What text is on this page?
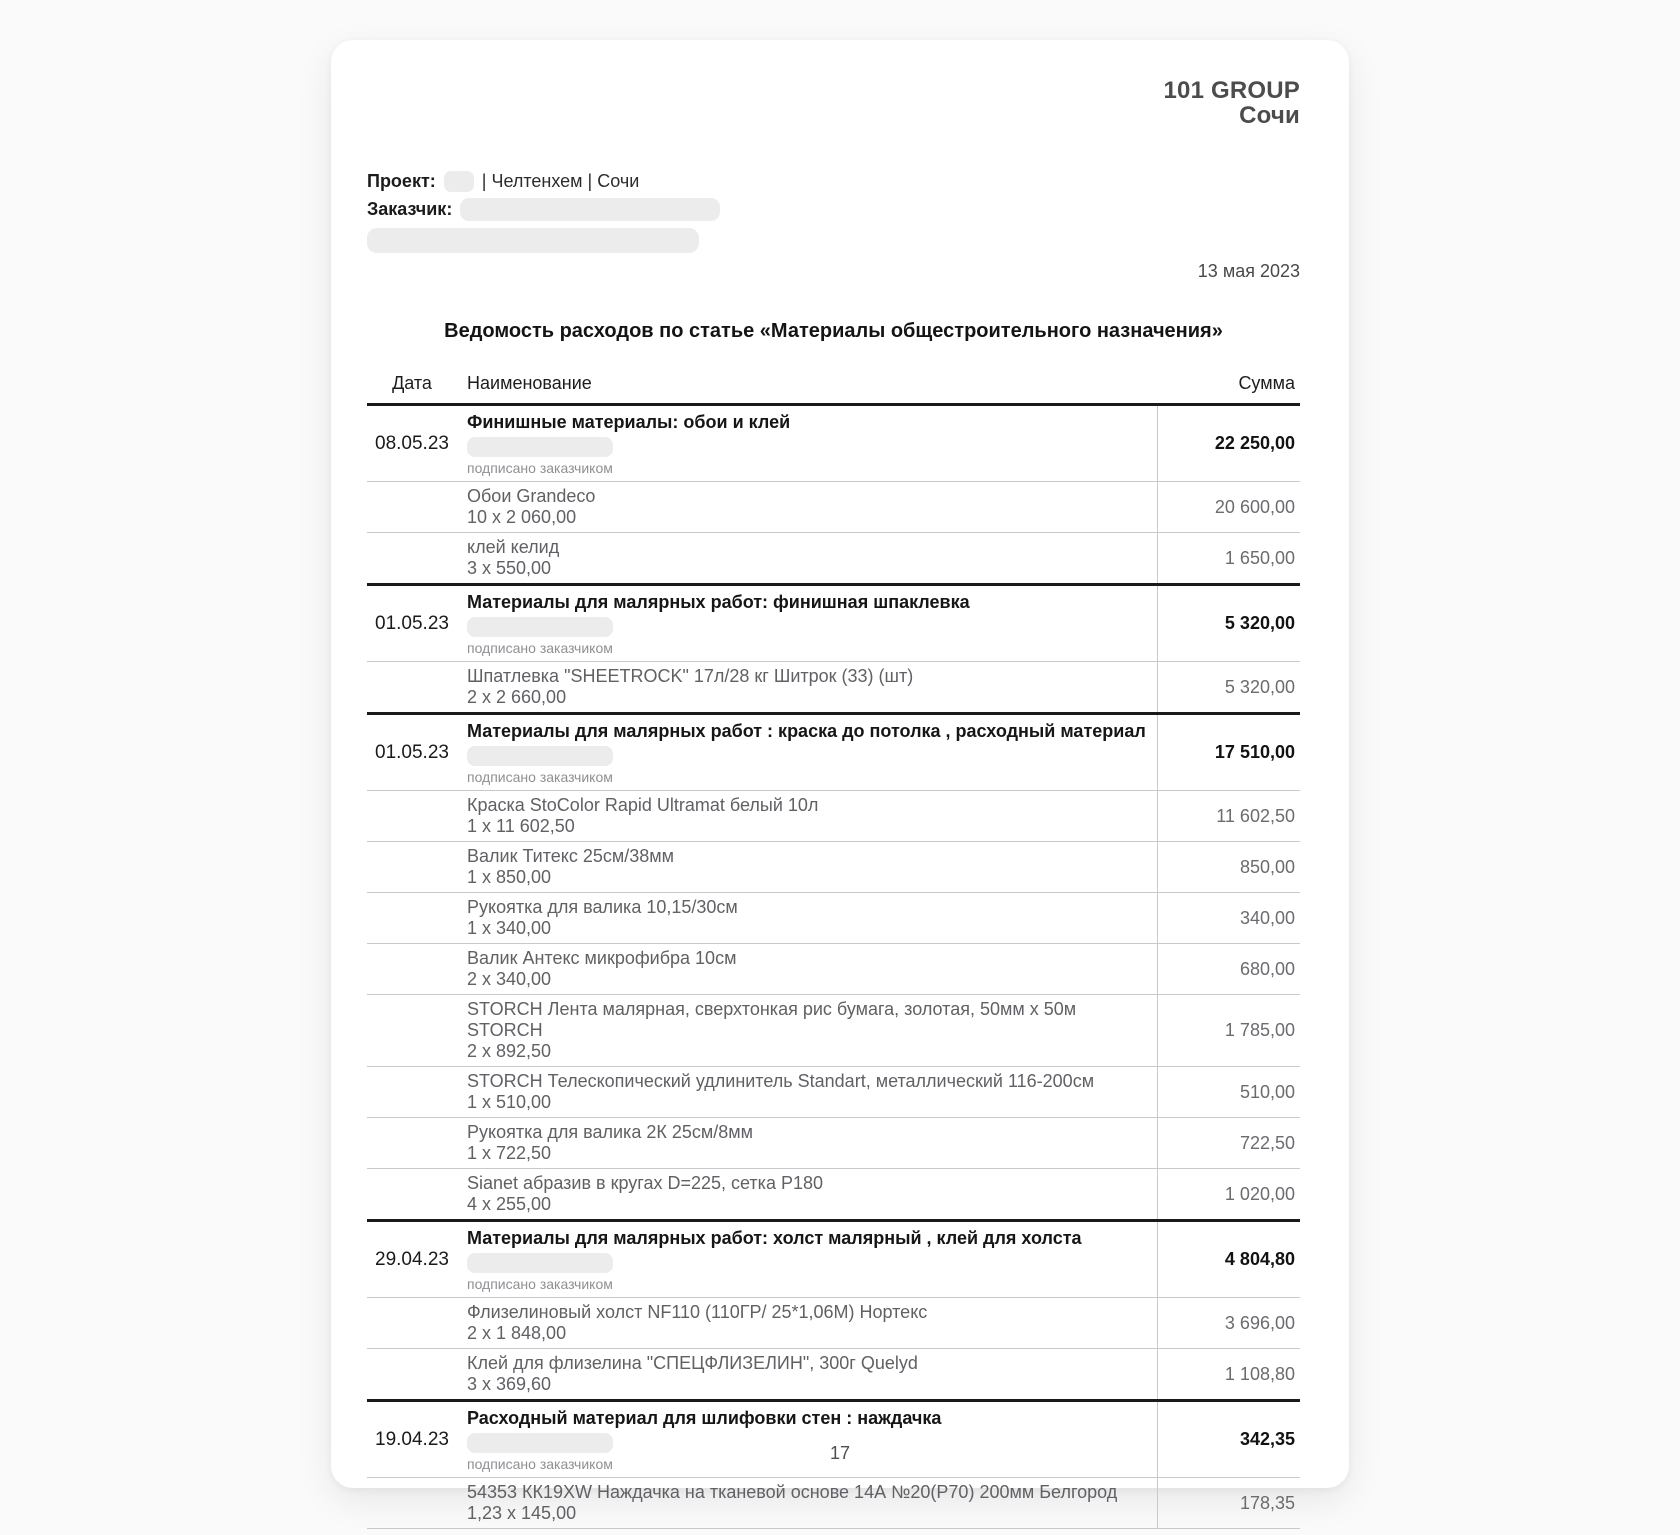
101 GROUP
Сочи
Проект:	| Челтенхем | Сочи
Заказчик:
13 мая 2023
Ведомость расходов по статье «Материалы общестроительного назначения»
Дата	Наименование	Сумма
08.05.23	Финишные материалы: обои и клей
подписано заказчиком	22 250,00

	Обои Grandeco
10 x 2 060,00	20 600,00

	клей келид
3 x 550,00	1 650,00
01.05.23	Материалы для малярных работ: финишная шпаклевка
подписано заказчиком	5 320,00

	Шпатлевка "SHEETROCK" 17л/28 кг Шитрок (33) (шт)
2 x 2 660,00	5 320,00
01.05.23	Материалы для малярных работ : краска до потолка , расходный материал
подписано заказчиком	17 510,00

	Краска StoColor Rapid Ultramat белый 10л
1 x 11 602,50	11 602,50

	Валик Титекс 25см/38мм
1 x 850,00	850,00

	Рукоятка для валика 10,15/30см
1 x 340,00	340,00

	Валик Антекс микрофибра 10см
2 x 340,00	680,00

	STORCH Лента малярная, сверхтонкая рис бумага, золотая, 50мм x 50м STORCH
2 x 892,50	1 785,00

	STORCH Телескопический удлинитель Standart, металлический 116-200см
1 x 510,00	510,00

	Рукоятка для валика 2К 25см/8мм
1 x 722,50	722,50

	Sianet абразив в кругах D=225, сетка P180
4 x 255,00	1 020,00
29.04.23	Материалы для малярных работ: холст малярный , клей для холста
подписано заказчиком	4 804,80

	Флизелиновый холст NF110 (110ГР/ 25*1,06М) Нортекс
2 x 1 848,00	3 696,00

	Клей для флизелина "СПЕЦФЛИЗЕЛИН", 300г Quelyd
3 x 369,60	1 108,80
19.04.23	Расходный материал для шлифовки стен : наждачка
подписано заказчиком	342,35

	54353 КК19XW Наждачка на тканевой основе 14А №20(Р70) 200мм Белгород
1,23 x 145,00	178,35
17
